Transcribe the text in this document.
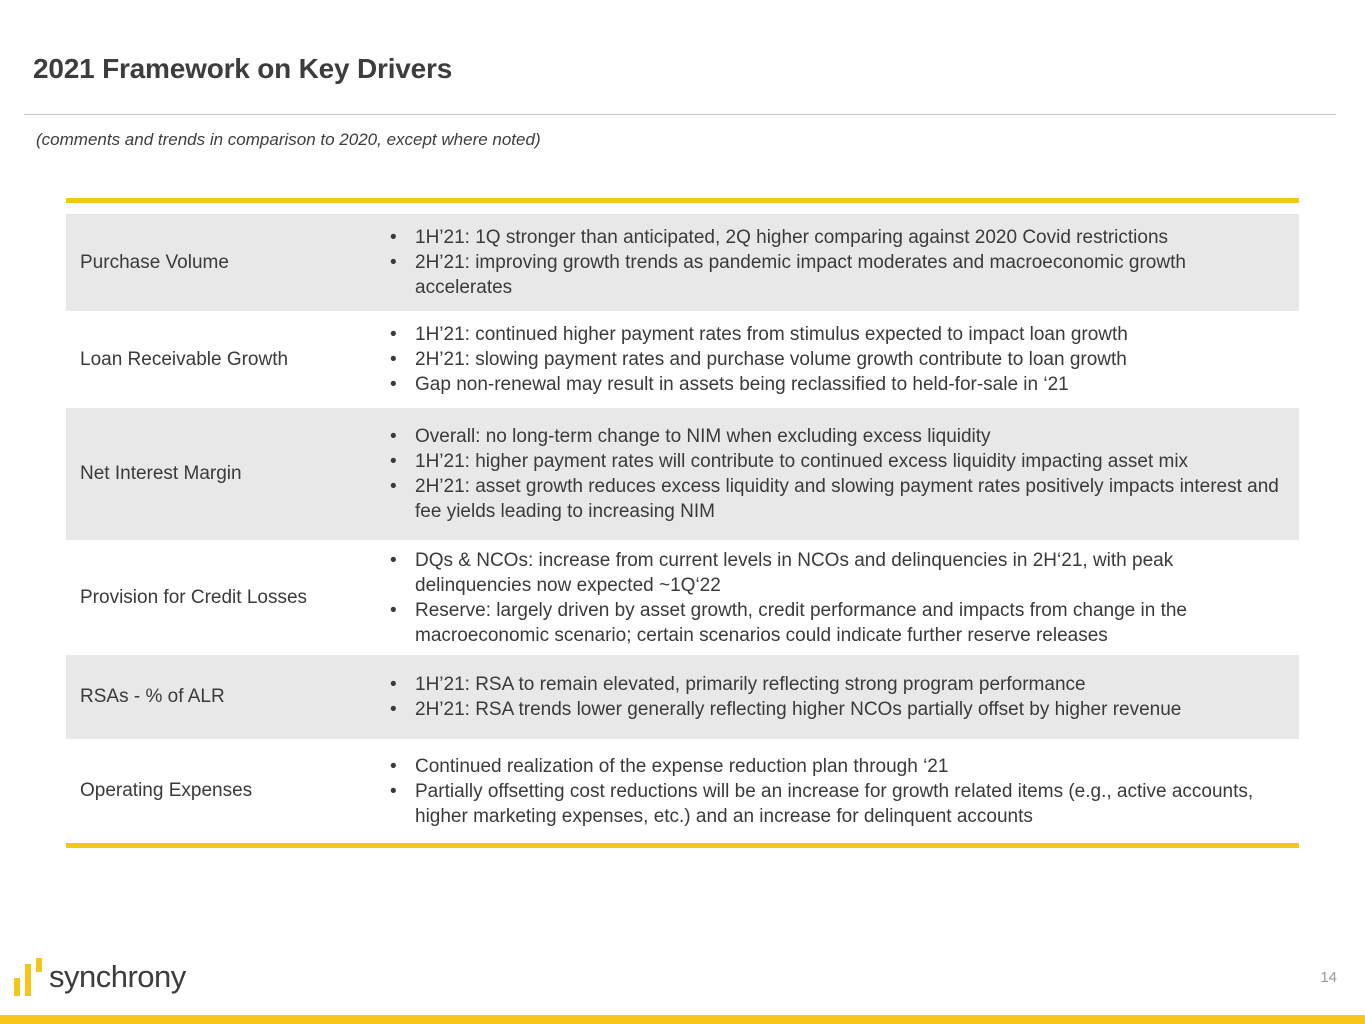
2021 Framework on Key Drivers
(comments and trends in comparison to 2020, except where noted)
Purchase Volume
• 1H’21: 1Q stronger than anticipated, 2Q higher comparing against 2020 Covid restrictions
• 2H’21: improving growth trends as pandemic impact moderates and macroeconomic growth accelerates
Loan Receivable Growth
• 1H’21: continued higher payment rates from stimulus expected to impact loan growth
• 2H’21: slowing payment rates and purchase volume growth contribute to loan growth
• Gap non-renewal may result in assets being reclassified to held-for-sale in ‘21
Net Interest Margin
• Overall: no long-term change to NIM when excluding excess liquidity
• 1H’21: higher payment rates will contribute to continued excess liquidity impacting asset mix
• 2H’21: asset growth reduces excess liquidity and slowing payment rates positively impacts interest and fee yields leading to increasing NIM
Provision for Credit Losses
• DQs & NCOs: increase from current levels in NCOs and delinquencies in 2H‘21, with peak delinquencies now expected ~1Q‘22
• Reserve: largely driven by asset growth, credit performance and impacts from change in the macroeconomic scenario; certain scenarios could indicate further reserve releases
RSAs - % of ALR
• 1H’21: RSA to remain elevated, primarily reflecting strong program performance
• 2H’21: RSA trends lower generally reflecting higher NCOs partially offset by higher revenue
Operating Expenses
• Continued realization of the expense reduction plan through ‘21
• Partially offsetting cost reductions will be an increase for growth related items (e.g., active accounts, higher marketing expenses, etc.) and an increase for delinquent accounts
synchrony	14
